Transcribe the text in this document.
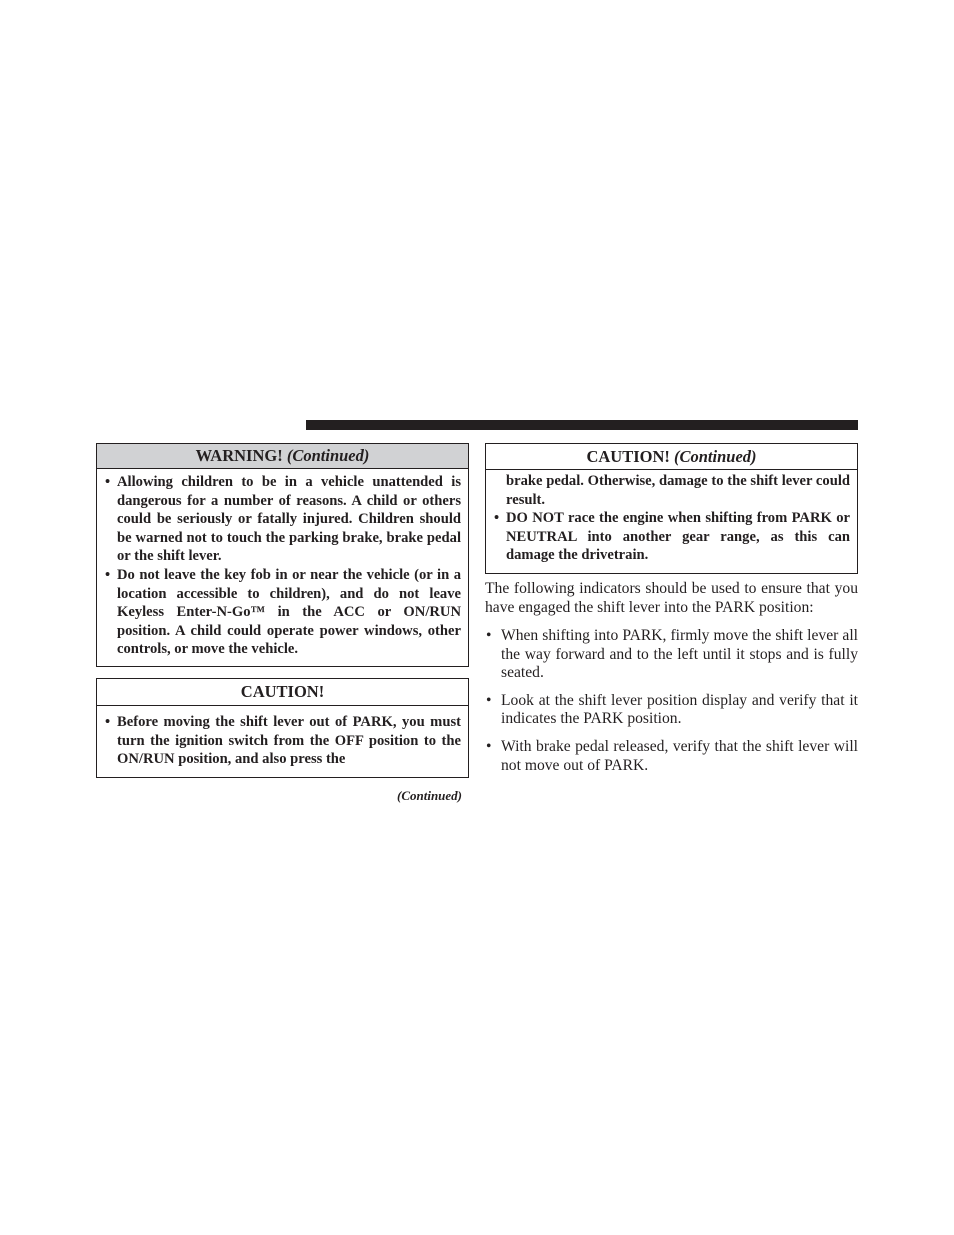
WARNING! (Continued)
• Allowing children to be in a vehicle unattended is dangerous for a number of reasons. A child or others could be seriously or fatally injured. Children should be warned not to touch the parking brake, brake pedal or the shift lever.
• Do not leave the key fob in or near the vehicle (or in a location accessible to children), and do not leave Keyless Enter-N-Go™ in the ACC or ON/RUN position. A child could operate power windows, other controls, or move the vehicle.
CAUTION!
• Before moving the shift lever out of PARK, you must turn the ignition switch from the OFF position to the ON/RUN position, and also press the
(Continued)
CAUTION! (Continued)
brake pedal. Otherwise, damage to the shift lever could result.
• DO NOT race the engine when shifting from PARK or NEUTRAL into another gear range, as this can damage the drivetrain.
The following indicators should be used to ensure that you have engaged the shift lever into the PARK position:
• When shifting into PARK, firmly move the shift lever all the way forward and to the left until it stops and is fully seated.
• Look at the shift lever position display and verify that it indicates the PARK position.
• With brake pedal released, verify that the shift lever will not move out of PARK.
